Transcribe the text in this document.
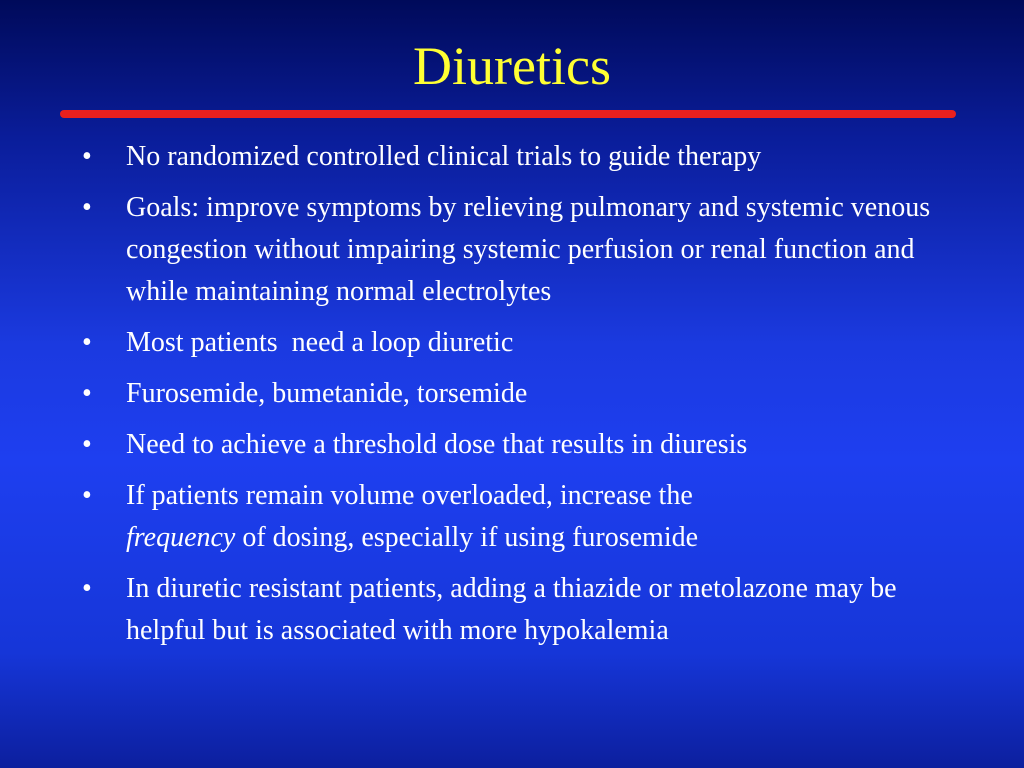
Diuretics
•	No randomized controlled clinical trials to guide therapy
•	Goals: improve symptoms by relieving pulmonary and systemic venous congestion without impairing systemic perfusion or renal function and while maintaining normal electrolytes
•	Most patients  need a loop diuretic
•	Furosemide, bumetanide, torsemide
•	Need to achieve a threshold dose that results in diuresis
•	If patients remain volume overloaded, increase the
frequency of dosing, especially if using furosemide
•	In diuretic resistant patients, adding a thiazide or metolazone may be helpful but is associated with more hypokalemia
